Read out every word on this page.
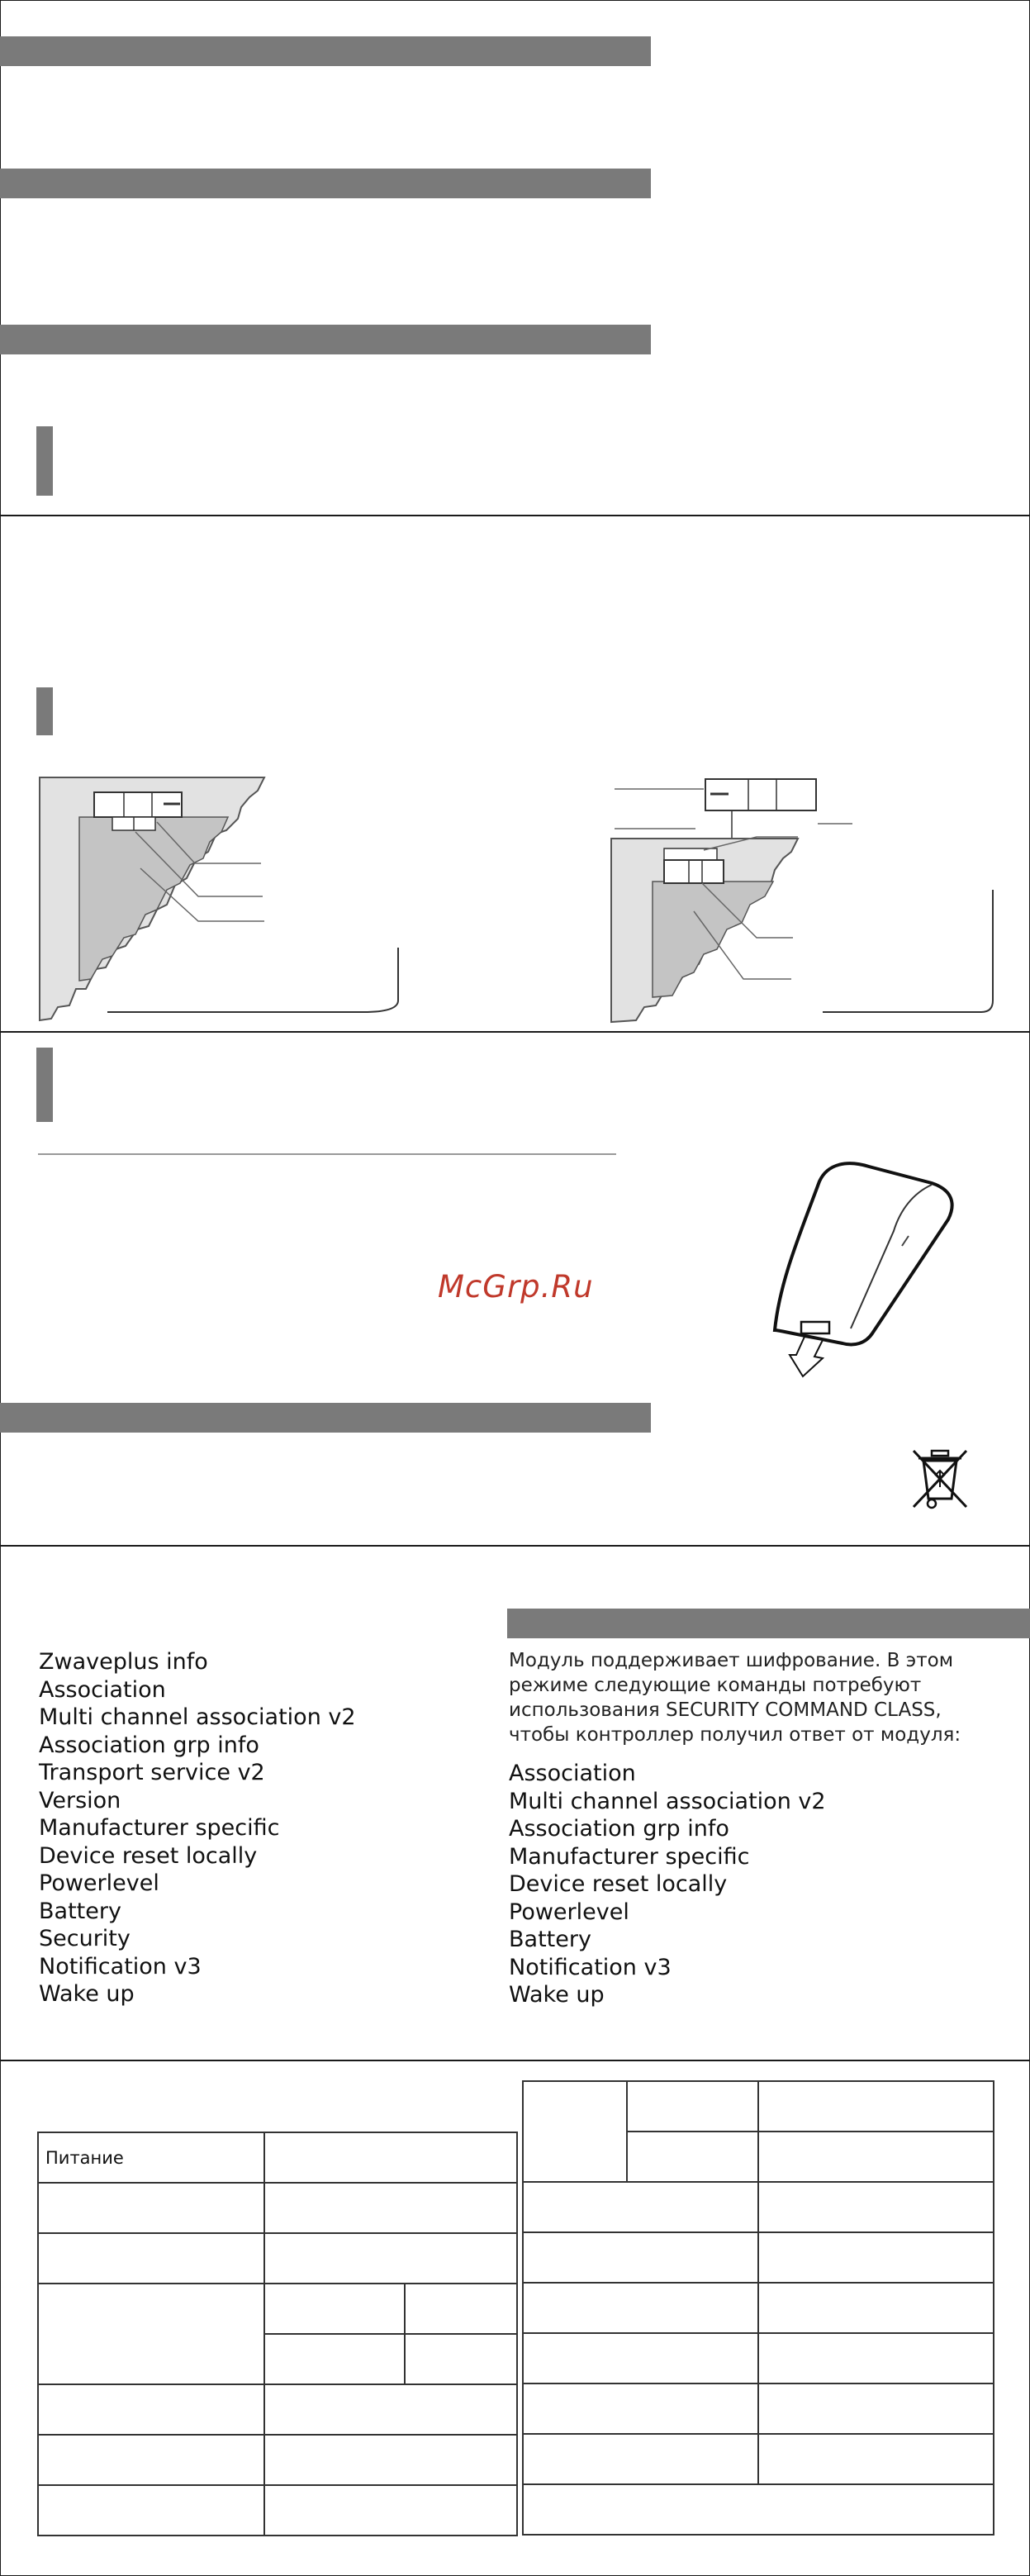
McGrp.Ru
Zwaveplus info
Association
Multi channel association v2
Association grp info
Transport service v2
Version
Manufacturer specific
Device reset locally
Powerlevel
Battery
Security
Notification v3
Wake up

Модуль поддерживает шифрование. В этом режиме следующие команды потребуют использования SECURITY COMMAND CLASS, чтобы контроллер получил ответ от модуля:

Association
Multi channel association v2
Association grp info
Manufacturer specific
Device reset locally
Powerlevel
Battery
Notification v3
Wake up
Питание		
